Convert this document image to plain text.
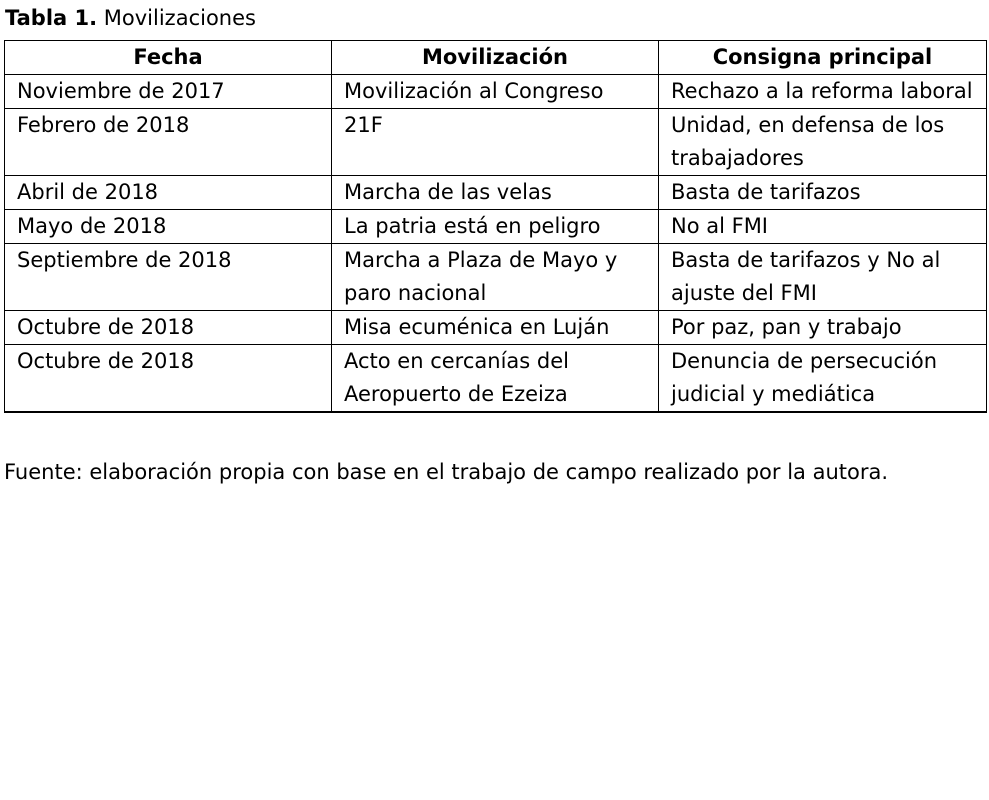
Tabla 1. Movilizaciones
Fecha	Movilización	Consigna principal
Noviembre de 2017	Movilización al Congreso	Rechazo a la reforma laboral
Febrero de 2018	21F	Unidad, en defensa de los trabajadores
Abril de 2018	Marcha de las velas	Basta de tarifazos
Mayo de 2018	La patria está en peligro	No al FMI
Septiembre de 2018	Marcha a Plaza de Mayo y paro nacional	Basta de tarifazos y No al ajuste del FMI
Octubre de 2018	Misa ecuménica en Luján	Por paz, pan y trabajo
Octubre de 2018	Acto en cercanías del Aeropuerto de Ezeiza	Denuncia de persecución judicial y mediática
Fuente: elaboración propia con base en el trabajo de campo realizado por la autora.
